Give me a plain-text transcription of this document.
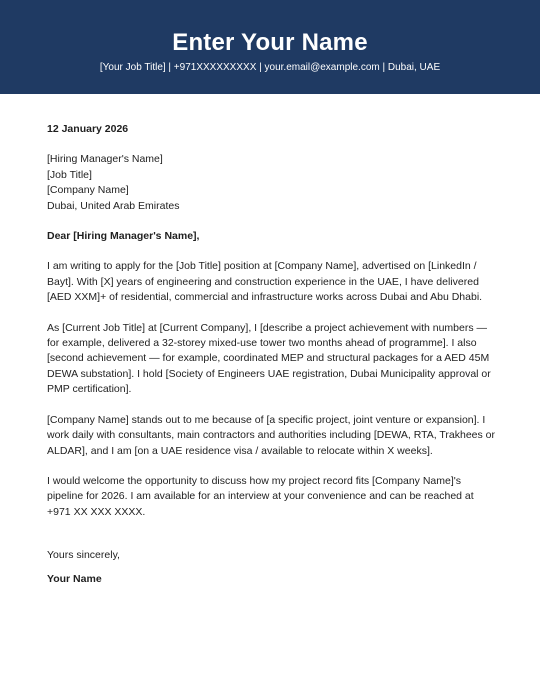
Enter Your Name
[Your Job Title] | +971XXXXXXXXX | your.email@example.com | Dubai, UAE
12 January 2026
[Hiring Manager's Name]
[Job Title]
[Company Name]
Dubai, United Arab Emirates
Dear [Hiring Manager's Name],
I am writing to apply for the [Job Title] position at [Company Name], advertised on [LinkedIn / Bayt]. With [X] years of engineering and construction experience in the UAE, I have delivered [AED XXM]+ of residential, commercial and infrastructure works across Dubai and Abu Dhabi.
As [Current Job Title] at [Current Company], I [describe a project achievement with numbers — for example, delivered a 32-storey mixed-use tower two months ahead of programme]. I also [second achievement — for example, coordinated MEP and structural packages for a AED 45M DEWA substation]. I hold [Society of Engineers UAE registration, Dubai Municipality approval or PMP certification].
[Company Name] stands out to me because of [a specific project, joint venture or expansion]. I work daily with consultants, main contractors and authorities including [DEWA, RTA, Trakhees or ALDAR], and I am [on a UAE residence visa / available to relocate within X weeks].
I would welcome the opportunity to discuss how my project record fits [Company Name]'s pipeline for 2026. I am available for an interview at your convenience and can be reached at +971 XX XXX XXXX.
Yours sincerely,
Your Name
